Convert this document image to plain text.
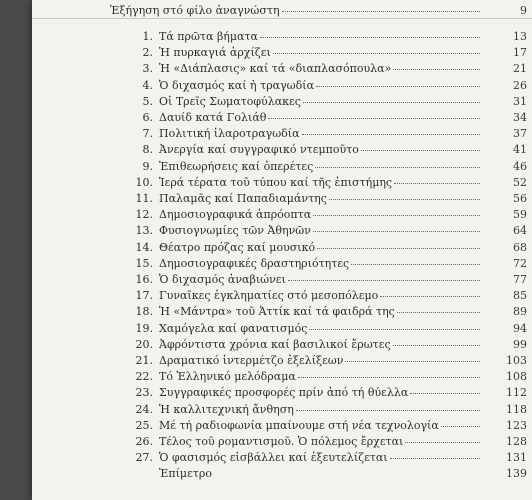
Ἐξήγηση στό φίλο ἀναγνώστη	9
1. Τά πρῶτα βήματα	13
2. Ἡ πυρκαγιά ἀρχίζει	17
3. Ἡ «Διάπλασις» καί τά «διαπλασόπουλα»	21
4. Ὁ διχασμός καί ἡ τραγωδία	26
5. Οἱ Τρεῖς Σωματοφύλακες	31
6. Δαυίδ κατά Γολιάθ	34
7. Πολιτική ἱλαροτραγωδία	37
8. Ἀνεργία καί συγγραφικό ντεμποῦτο	41
9. Ἐπιθεωρήσεις καί ὀπερέτες	46
10. Ἱερά τέρατα τοῦ τύπου καί τῆς ἐπιστήμης	52
11. Παλαμᾶς καί Παπαδιαμάντης	56
12. Δημοσιογραφικά ἀπρόοπτα	59
13. Φυσιογνωμίες τῶν Ἀθηνῶν	64
14. Θέατρο πρόζας καί μουσικό	68
15. Δημοσιογραφικές δραστηριότητες	72
16. Ὁ διχασμός ἀναβιώνει	77
17. Γυναῖκες ἐγκληματίες στό μεσοπόλεμο	85
18. Ἡ «Μάντρα» τοῦ Ἀττίκ καί τά φαιδρά της	89
19. Χαμόγελα καί φανατισμός	94
20. Ἀφρόντιστα χρόνια καί βασιλικοί ἔρωτες	99
21. Δραματικό ἰντερμέτζο ἐξελίξεων	103
22. Τό Ἑλληνικό μελόδραμα	108
23. Συγγραφικές προσφορές πρίν ἀπό τή θύελλα	112
24. Ἡ καλλιτεχνική ἄνθηση	118
25. Μέ τή ραδιοφωνία μπαίνουμε στή νέα τεχνολογία	123
26. Τέλος τοῦ ρομαντισμοῦ. Ὁ πόλεμος ἔρχεται	128
27. Ὁ φασισμός εἰσβάλλει καί ἐξευτελίζεται	131
Ἐπίμετρο	139
